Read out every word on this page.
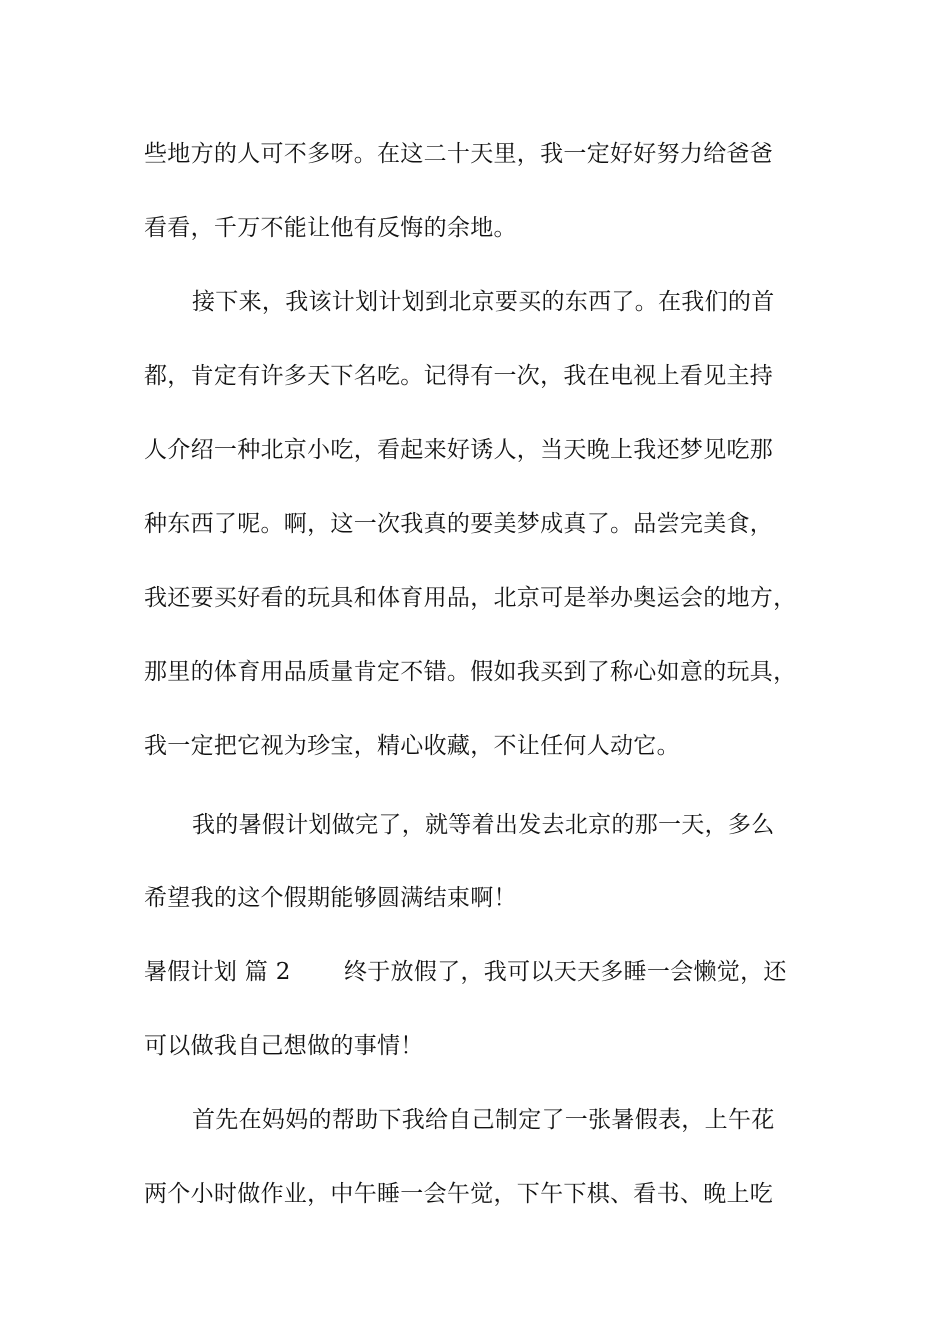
些地方的人可不多呀。在这二十天里，我一定好好努力给爸爸
看看，千万不能让他有反悔的余地。
接下来，我该计划计划到北京要买的东西了。在我们的首
都，肯定有许多天下名吃。记得有一次，我在电视上看见主持
人介绍一种北京小吃，看起来好诱人，当天晚上我还梦见吃那
种东西了呢。啊，这一次我真的要美梦成真了。品尝完美食，
我还要买好看的玩具和体育用品，北京可是举办奥运会的地方，
那里的体育用品质量肯定不错。假如我买到了称心如意的玩具，
我一定把它视为珍宝，精心收藏，不让任何人动它。
我的暑假计划做完了，就等着出发去北京的那一天，多么
希望我的这个假期能够圆满结束啊！
暑假计划 篇 2 终于放假了，我可以天天多睡一会懒觉，还
可以做我自己想做的事情！
首先在妈妈的帮助下我给自己制定了一张暑假表，上午花
两个小时做作业，中午睡一会午觉，下午下棋、看书、晚上吃
